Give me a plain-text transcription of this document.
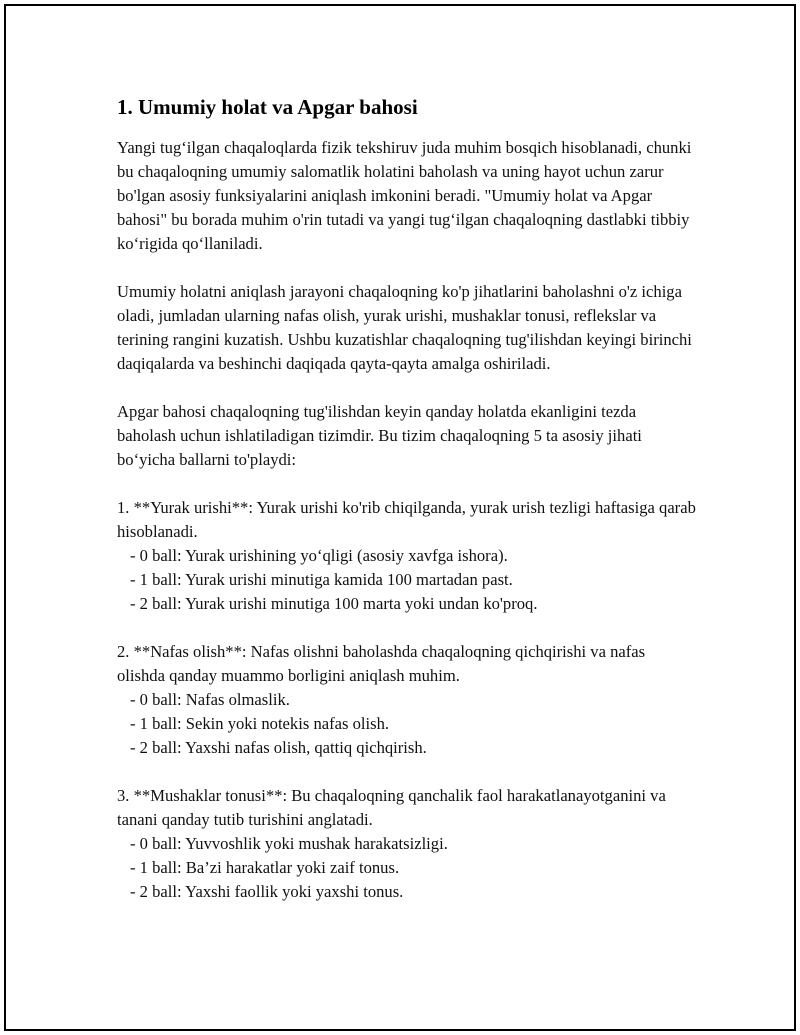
1. Umumiy holat va Apgar bahosi

Yangi tug‘ilgan chaqaloqlarda fizik tekshiruv juda muhim bosqich hisoblanadi, chunki bu chaqaloqning umumiy salomatlik holatini baholash va uning hayot uchun zarur bo'lgan asosiy funksiyalarini aniqlash imkonini beradi. "Umumiy holat va Apgar bahosi" bu borada muhim o'rin tutadi va yangi tug‘ilgan chaqaloqning dastlabki tibbiy ko‘rigida qo‘llaniladi.

Umumiy holatni aniqlash jarayoni chaqaloqning ko'p jihatlarini baholashni o'z ichiga oladi, jumladan ularning nafas olish, yurak urishi, mushaklar tonusi, reflekslar va terining rangini kuzatish. Ushbu kuzatishlar chaqaloqning tug'ilishdan keyingi birinchi daqiqalarda va beshinchi daqiqada qayta-qayta amalga oshiriladi.

Apgar bahosi chaqaloqning tug'ilishdan keyin qanday holatda ekanligini tezda baholash uchun ishlatiladigan tizimdir. Bu tizim chaqaloqning 5 ta asosiy jihati bo‘yicha ballarni to'playdi:

1. **Yurak urishi**: Yurak urishi ko'rib chiqilganda, yurak urish tezligi haftasiga qarab hisoblanadi.

- 0 ball: Yurak urishining yo‘qligi (asosiy xavfga ishora).
- 1 ball: Yurak urishi minutiga kamida 100 martadan past.
- 2 ball: Yurak urishi minutiga 100 marta yoki undan ko'proq.

2. **Nafas olish**: Nafas olishni baholashda chaqaloqning qichqirishi va nafas olishda qanday muammo borligini aniqlash muhim.

- 0 ball: Nafas olmaslik.
- 1 ball: Sekin yoki notekis nafas olish.
- 2 ball: Yaxshi nafas olish, qattiq qichqirish.

3. **Mushaklar tonusi**: Bu chaqaloqning qanchalik faol harakatlanayotganini va tanani qanday tutib turishini anglatadi.

- 0 ball: Yuvvoshlik yoki mushak harakatsizligi.
- 1 ball: Ba’zi harakatlar yoki zaif tonus.
- 2 ball: Yaxshi faollik yoki yaxshi tonus.
